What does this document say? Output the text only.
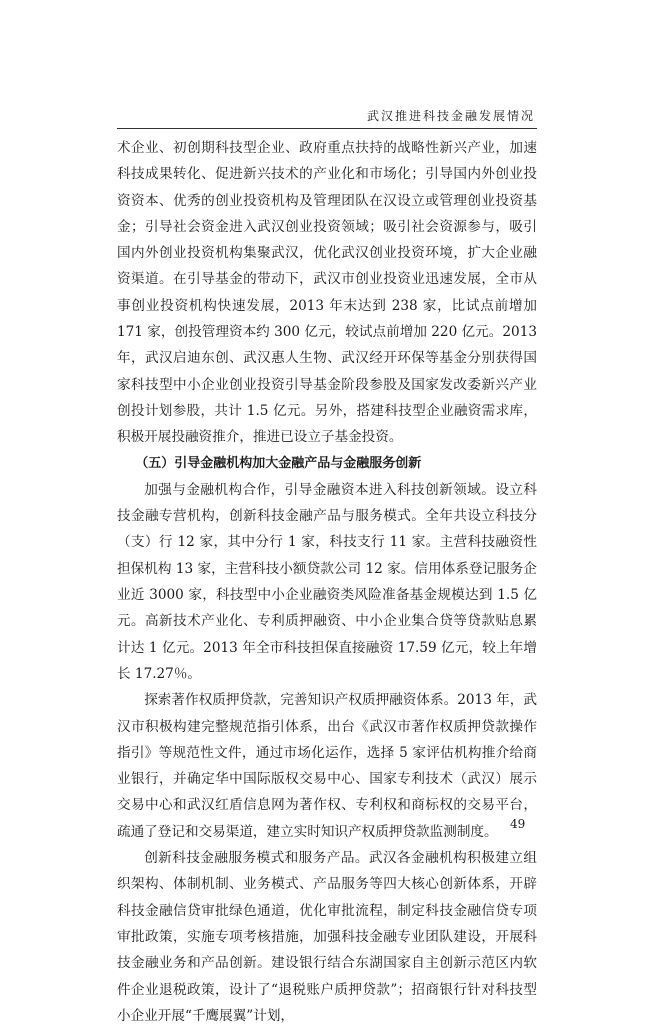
武汉推进科技金融发展情况

术企业、初创期科技型企业、政府重点扶持的战略性新兴产业，加速科技成果转化、促进新兴技术的产业化和市场化；引导国内外创业投资资本、优秀的创业投资机构及管理团队在汉设立或管理创业投资基金；引导社会资金进入武汉创业投资领域；吸引社会资源参与，吸引国内外创业投资机构集聚武汉，优化武汉创业投资环境，扩大企业融资渠道。在引导基金的带动下，武汉市创业投资业迅速发展，全市从事创业投资机构快速发展，2013 年末达到 238 家，比试点前增加 171 家，创投管理资本约 300 亿元，较试点前增加 220 亿元。2013 年，武汉启迪东创、武汉惠人生物、武汉经开环保等基金分别获得国家科技型中小企业创业投资引导基金阶段参股及国家发改委新兴产业创投计划参股，共计 1.5 亿元。另外，搭建科技型企业融资需求库，积极开展投融资推介，推进已设立子基金投资。

（五）引导金融机构加大金融产品与金融服务创新

加强与金融机构合作，引导金融资本进入科技创新领域。设立科技金融专营机构，创新科技金融产品与服务模式。全年共设立科技分（支）行 12 家，其中分行 1 家，科技支行 11 家。主营科技融资性担保机构 13 家，主营科技小额贷款公司 12 家。信用体系登记服务企业近 3000 家，科技型中小企业融资类风险准备基金规模达到 1.5 亿元。高新技术产业化、专利质押融资、中小企业集合贷等贷款贴息累计达 1 亿元。2013 年全市科技担保直接融资 17.59 亿元，较上年增长 17.27％。

探索著作权质押贷款，完善知识产权质押融资体系。2013 年，武汉市积极构建完整规范指引体系，出台《武汉市著作权质押贷款操作指引》等规范性文件，通过市场化运作，选择 5 家评估机构推介给商业银行，并确定华中国际版权交易中心、国家专利技术（武汉）展示交易中心和武汉红盾信息网为著作权、专利权和商标权的交易平台，疏通了登记和交易渠道，建立实时知识产权质押贷款监测制度。

创新科技金融服务模式和服务产品。武汉各金融机构积极建立组织架构、体制机制、业务模式、产品服务等四大核心创新体系，开辟科技金融信贷审批绿色通道，优化审批流程，制定科技金融信贷专项审批政策，实施专项考核措施，加强科技金融专业团队建设，开展科技金融业务和产品创新。建设银行结合东湖国家自主创新示范区内软件企业退税政策，设计了“退税账户质押贷款”；招商银行针对科技型小企业开展“千鹰展翼”计划，

49
